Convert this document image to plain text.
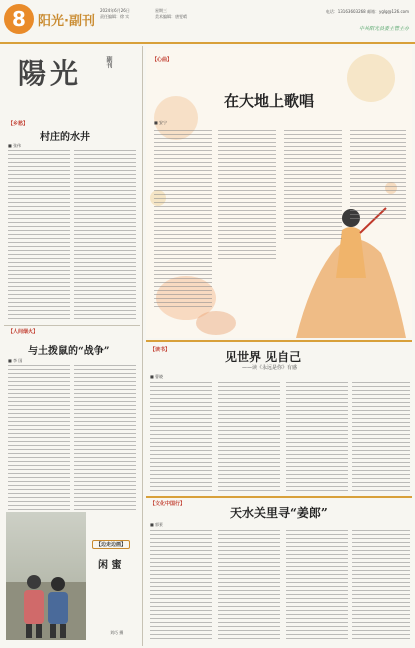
8 阳光·副刊
2024年6月26日
责任编辑：徐 实
星期三
美术编辑：唐雯晴
电话：13163603268 邮箱：yglg@126.com
中共阳光县委主管主办
陽光	副刊
【乡愁】
村庄的水井
■ 张伟
【人间烟火】
与土拨鼠的“战争”
■ 李 国
【边走边画】
闲 蜜
刘巧 摄
【心曲】
在大地上歌唱
■ 安宁
【读书】	见世界 见自己
——读《永远是你》有感
■ 曹晓
【文化中国行】
天水关里寻“姜郎”
■ 郭景
